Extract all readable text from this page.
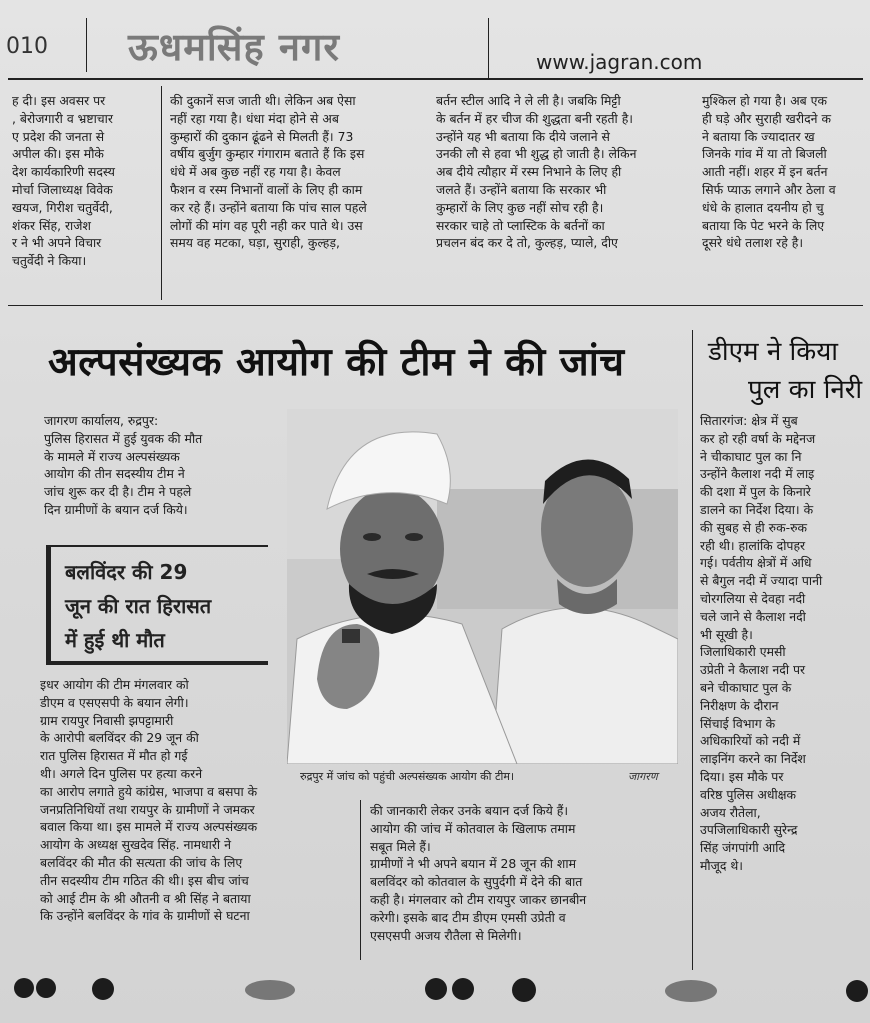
010 ऊधमसिंह नगर	www.jagran.com
ह दी। इस अवसर पर
, बेरोजगारी व भ्रष्टाचार
ए प्रदेश की जनता से
अपील की। इस मौके
देश कार्यकारिणी सदस्य
मोर्चा जिलाध्यक्ष विवेक
खयज, गिरीश चतुर्वेदी,
शंकर सिंह, राजेश
र ने भी अपने विचार
चतुर्वेदी ने किया।
की दुकानें सज जाती थी। लेकिन अब ऐसा
नहीं रहा गया है। धंधा मंदा होने से अब
कुम्हारों की दुकान ढूंढने से मिलती हैं। 73
वर्षीय बुर्जुग कुम्हार गंगाराम बताते हैं कि इस
धंधे में अब कुछ नहीं रह गया है। केवल
फैशन व रस्म निभानों वालों के लिए ही काम
कर रहे हैं। उन्होंने बताया कि पांच साल पहले
लोगों की मांग वह पूरी नही कर पाते थे। उस
समय वह मटका, घड़ा, सुराही, कुल्हड़,
बर्तन स्टील आदि ने ले ली है। जबकि मिट्टी
के बर्तन में हर चीज की शुद्धता बनी रहती है।
उन्होंने यह भी बताया कि दीये जलाने से
उनकी लौ से हवा भी शुद्ध हो जाती है। लेकिन
अब दीये त्यौहार में रस्म निभाने के लिए ही
जलते हैं। उन्होंने बताया कि सरकार भी
कुम्हारों के लिए कुछ नहीं सोच रही है।
सरकार चाहे तो प्लास्टिक के बर्तनों का
प्रचलन बंद कर दे तो, कुल्हड़, प्याले, दीए
मुश्किल हो गया है। अब एक
ही घड़े और सुराही खरीदने क
ने बताया कि ज्यादातर ख
जिनके गांव में या तो बिजली
आती नहीं। शहर में इन बर्तन
सिर्फ प्याऊ लगाने और ठेला व
धंधे के हालात दयनीय हो चु
बताया कि पेट भरने के लिए
दूसरे धंधे तलाश रहे है।
अल्पसंख्यक आयोग की टीम ने की जांच
जागरण कार्यालय, रुद्रपुर:
पुलिस हिरासत में हुई युवक की मौत
के मामले में राज्य अल्पसंख्यक
आयोग की तीन सदस्यीय टीम ने
जांच शुरू कर दी है। टीम ने पहले
दिन ग्रामीणों के बयान दर्ज किये।
बलविंदर की 29
जून की रात हिरासत
में हुई थी मौत
रुद्रपुर में जांच को पहुंची अल्पसंख्यक आयोग की टीम।	जागरण
इधर आयोग की टीम मंगलवार को
डीएम व एसएसपी के बयान लेगी।
ग्राम रायपुर निवासी झपट्टामारी
के आरोपी बलविंदर की 29 जून की
रात पुलिस हिरासत में मौत हो गई
थी। अगले दिन पुलिस पर हत्या करने
का आरोप लगाते हुये कांग्रेस, भाजपा व बसपा के
जनप्रतिनिधियों तथा रायपुर के ग्रामीणों ने जमकर
बवाल किया था। इस मामले में राज्य अल्पसंख्यक
आयोग के अध्यक्ष सुखदेव सिंह. नामधारी ने
बलविंदर की मौत की सत्यता की जांच के लिए
तीन सदस्यीय टीम गठित की थी। इस बीच जांच
को आई टीम के श्री औतनी व श्री सिंह ने बताया
कि उन्होंने बलविंदर के गांव के ग्रामीणों से घटना
की जानकारी लेकर उनके बयान दर्ज किये हैं।
आयोग की जांच में कोतवाल के खिलाफ तमाम
सबूत मिले हैं।
ग्रामीणों ने भी अपने बयान में 28 जून की शाम
बलविंदर को कोतवाल के सुपुर्दगी में देने की बात
कही है। मंगलवार को टीम रायपुर जाकर छानबीन
करेगी। इसके बाद टीम डीएम एमसी उप्रेती व
एसएसपी अजय रौतैला से मिलेगी।
डीएम ने किया
पुल का निरी
सितारगंज: क्षेत्र में सुब
कर हो रही वर्षा के मद्देनज
ने चीकाघाट पुल का नि
उन्होंने कैलाश नदी में लाइ
की दशा में पुल के किनारे
डालने का निर्देश दिया। के
की सुबह से ही रुक-रुक
रही थी। हालांकि दोपहर
गई। पर्वतीय क्षेत्रों में अधि
से बैगुल नदी में ज्यादा पानी
चोरगलिया से देवहा नदी
चले जाने से कैलाश नदी
भी सूखी है।
जिलाधिकारी एमसी
उप्रेती ने कैलाश नदी पर
बने चीकाघाट पुल के
निरीक्षण के दौरान
सिंचाई विभाग के
अधिकारियों को नदी में
लाइनिंग करने का निर्देश
दिया। इस मौके पर
वरिष्ठ पुलिस अधीक्षक
अजय रौतेला,
उपजिलाधिकारी सुरेन्द्र
सिंह जंगपांगी आदि
मौजूद थे।
